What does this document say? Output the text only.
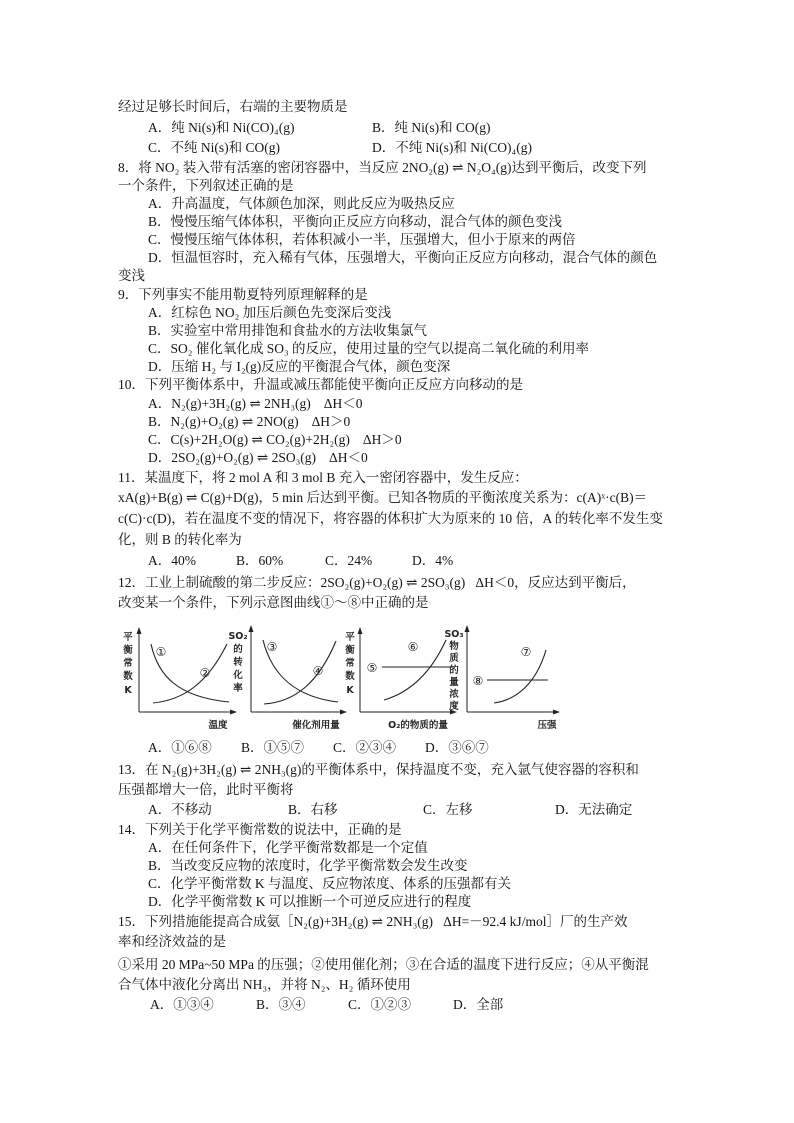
经过足够长时间后，右端的主要物质是
A．纯 Ni(s)和 Ni(CO)₄(g)	B．纯 Ni(s)和 CO(g)
C．不纯 Ni(s)和 CO(g)	D．不纯 Ni(s)和 Ni(CO)₄(g)
8．将 NO₂ 装入带有活塞的密闭容器中，当反应 2NO₂(g) ⇌ N₂O₄(g)达到平衡后，改变下列
一个条件，下列叙述正确的是
A．升高温度，气体颜色加深，则此反应为吸热反应
B．慢慢压缩气体体积，平衡向正反应方向移动，混合气体的颜色变浅
C．慢慢压缩气体体积，若体积减小一半，压强增大，但小于原来的两倍
D．恒温恒容时，充入稀有气体，压强增大，平衡向正反应方向移动，混合气体的颜色
变浅
9．下列事实不能用勒夏特列原理解释的是
A．红棕色 NO₂ 加压后颜色先变深后变浅
B．实验室中常用排饱和食盐水的方法收集氯气
C．SO₂ 催化氧化成 SO₃ 的反应，使用过量的空气以提高二氧化硫的利用率
D．压缩 H₂ 与 I₂(g)反应的平衡混合气体，颜色变深
10．下列平衡体系中，升温或减压都能使平衡向正反应方向移动的是
A．N₂(g)+3H₂(g) ⇌ 2NH₃(g) ΔH＜0
B．N₂(g)+O₂(g) ⇌ 2NO(g) ΔH＞0
C．C(s)+2H₂O(g) ⇌ CO₂(g)+2H₂(g) ΔH＞0
D．2SO₂(g)+O₂(g) ⇌ 2SO₃(g) ΔH＜0
11．某温度下，将 2 mol A 和 3 mol B 充入一密闭容器中，发生反应：
xA(g)+B(g) ⇌ C(g)+D(g)，5 min 后达到平衡。已知各物质的平衡浓度关系为：c(A)ˣ·c(B)＝
c(C)·c(D)，若在温度不变的情况下，将容器的体积扩大为原来的 10 倍，A 的转化率不发生变
化，则 B 的转化率为
A．40%	B．60%	C．24%	D．4%
12．工业上制硫酸的第二步反应：2SO₂(g)+O₂(g) ⇌ 2SO₃(g)   ΔH＜0，反应达到平衡后，
改变某一个条件，下列示意图曲线①～⑧中正确的是
平
衡
常
数
K
温度
①
②
SO₂
的
转
化
率
催化剂用量
③
④
平
衡
常
数
K
O₂的物质的量
⑤
⑥
SO₃
物
质
的
量
浓
度
压强
⑦
⑧
A．①⑥⑧ B．①⑤⑦ C．②③④ D．③⑥⑦
13．在 N₂(g)+3H₂(g) ⇌ 2NH₃(g)的平衡体系中，保持温度不变，充入氩气使容器的容积和
压强都增大一倍，此时平衡将
A．不移动	B．右移	C．左移	D．无法确定
14．下列关于化学平衡常数的说法中，正确的是
A．在任何条件下，化学平衡常数都是一个定值
B．当改变反应物的浓度时，化学平衡常数会发生改变
C．化学平衡常数 K 与温度、反应物浓度、体系的压强都有关
D．化学平衡常数 K 可以推断一个可逆反应进行的程度
15．下列措施能提高合成氨［N₂(g)+3H₂(g) ⇌ 2NH₃(g)   ΔH=－92.4 kJ/mol］厂的生产效
率和经济效益的是
①采用 20 MPa~50 MPa 的压强；②使用催化剂；③在合适的温度下进行反应；④从平衡混
合气体中液化分离出 NH₃，并将 N₂、H₂ 循环使用
A．①③④	B．③④	C．①②③	D．全部
